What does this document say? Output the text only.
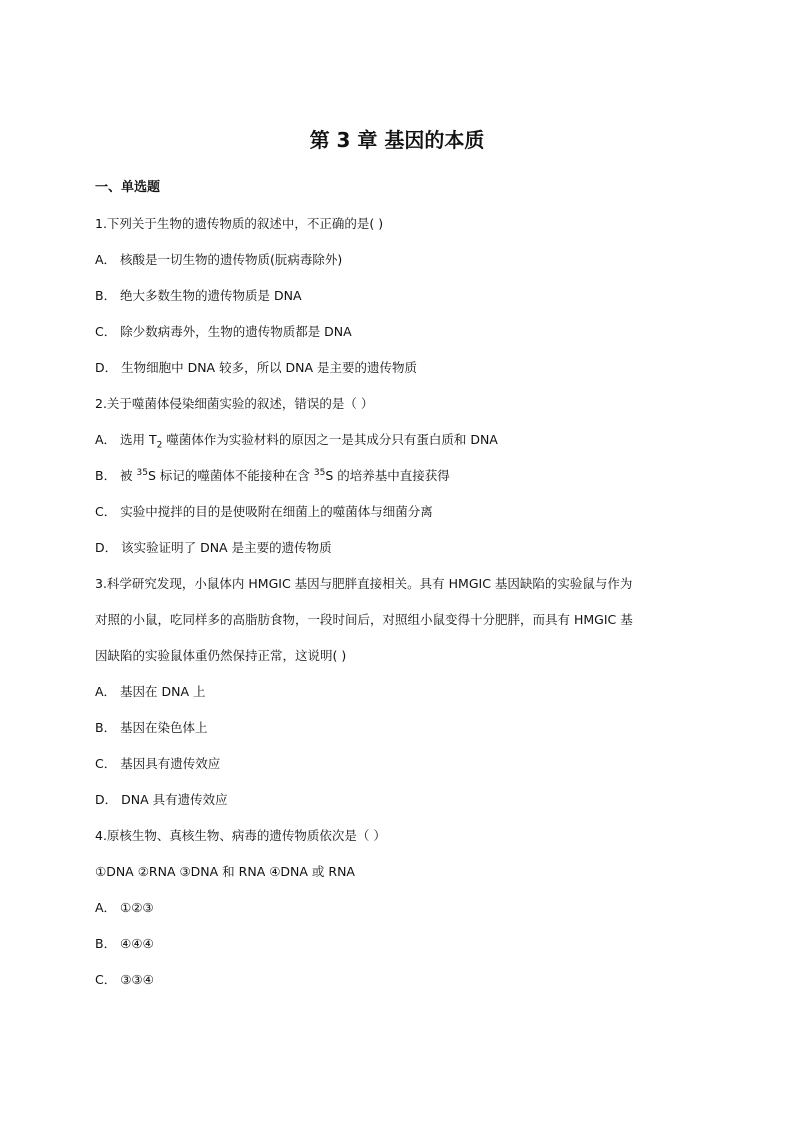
第 3 章 基因的本质
一、单选题
1.下列关于生物的遗传物质的叙述中，不正确的是( )
A． 核酸是一切生物的遗传物质(朊病毒除外)
B． 绝大多数生物的遗传物质是 DNA
C． 除少数病毒外，生物的遗传物质都是 DNA
D． 生物细胞中 DNA 较多，所以 DNA 是主要的遗传物质
2.关于噬菌体侵染细菌实验的叙述，错误的是（ ）
A． 选用 $T_2$ 噬菌体作为实验材料的原因之一是其成分只有蛋白质和 DNA
B． 被 $^{35}$S 标记的噬菌体不能接种在含 $^{35}$S 的培养基中直接获得
C． 实验中搅拌的目的是使吸附在细菌上的噬菌体与细菌分离
D． 该实验证明了 DNA 是主要的遗传物质
3.科学研究发现，小鼠体内 HMGIC 基因与肥胖直接相关。具有 HMGIC 基因缺陷的实验鼠与作为
对照的小鼠，吃同样多的高脂肪食物，一段时间后，对照组小鼠变得十分肥胖，而具有 HMGIC 基
因缺陷的实验鼠体重仍然保持正常，这说明( )
A． 基因在 DNA 上
B． 基因在染色体上
C． 基因具有遗传效应
D． DNA 具有遗传效应
4.原核生物、真核生物、病毒的遗传物质依次是（ ）
①DNA ②RNA ③DNA 和 RNA ④DNA 或 RNA
A． ①②③
B． ④④④
C． ③③④
